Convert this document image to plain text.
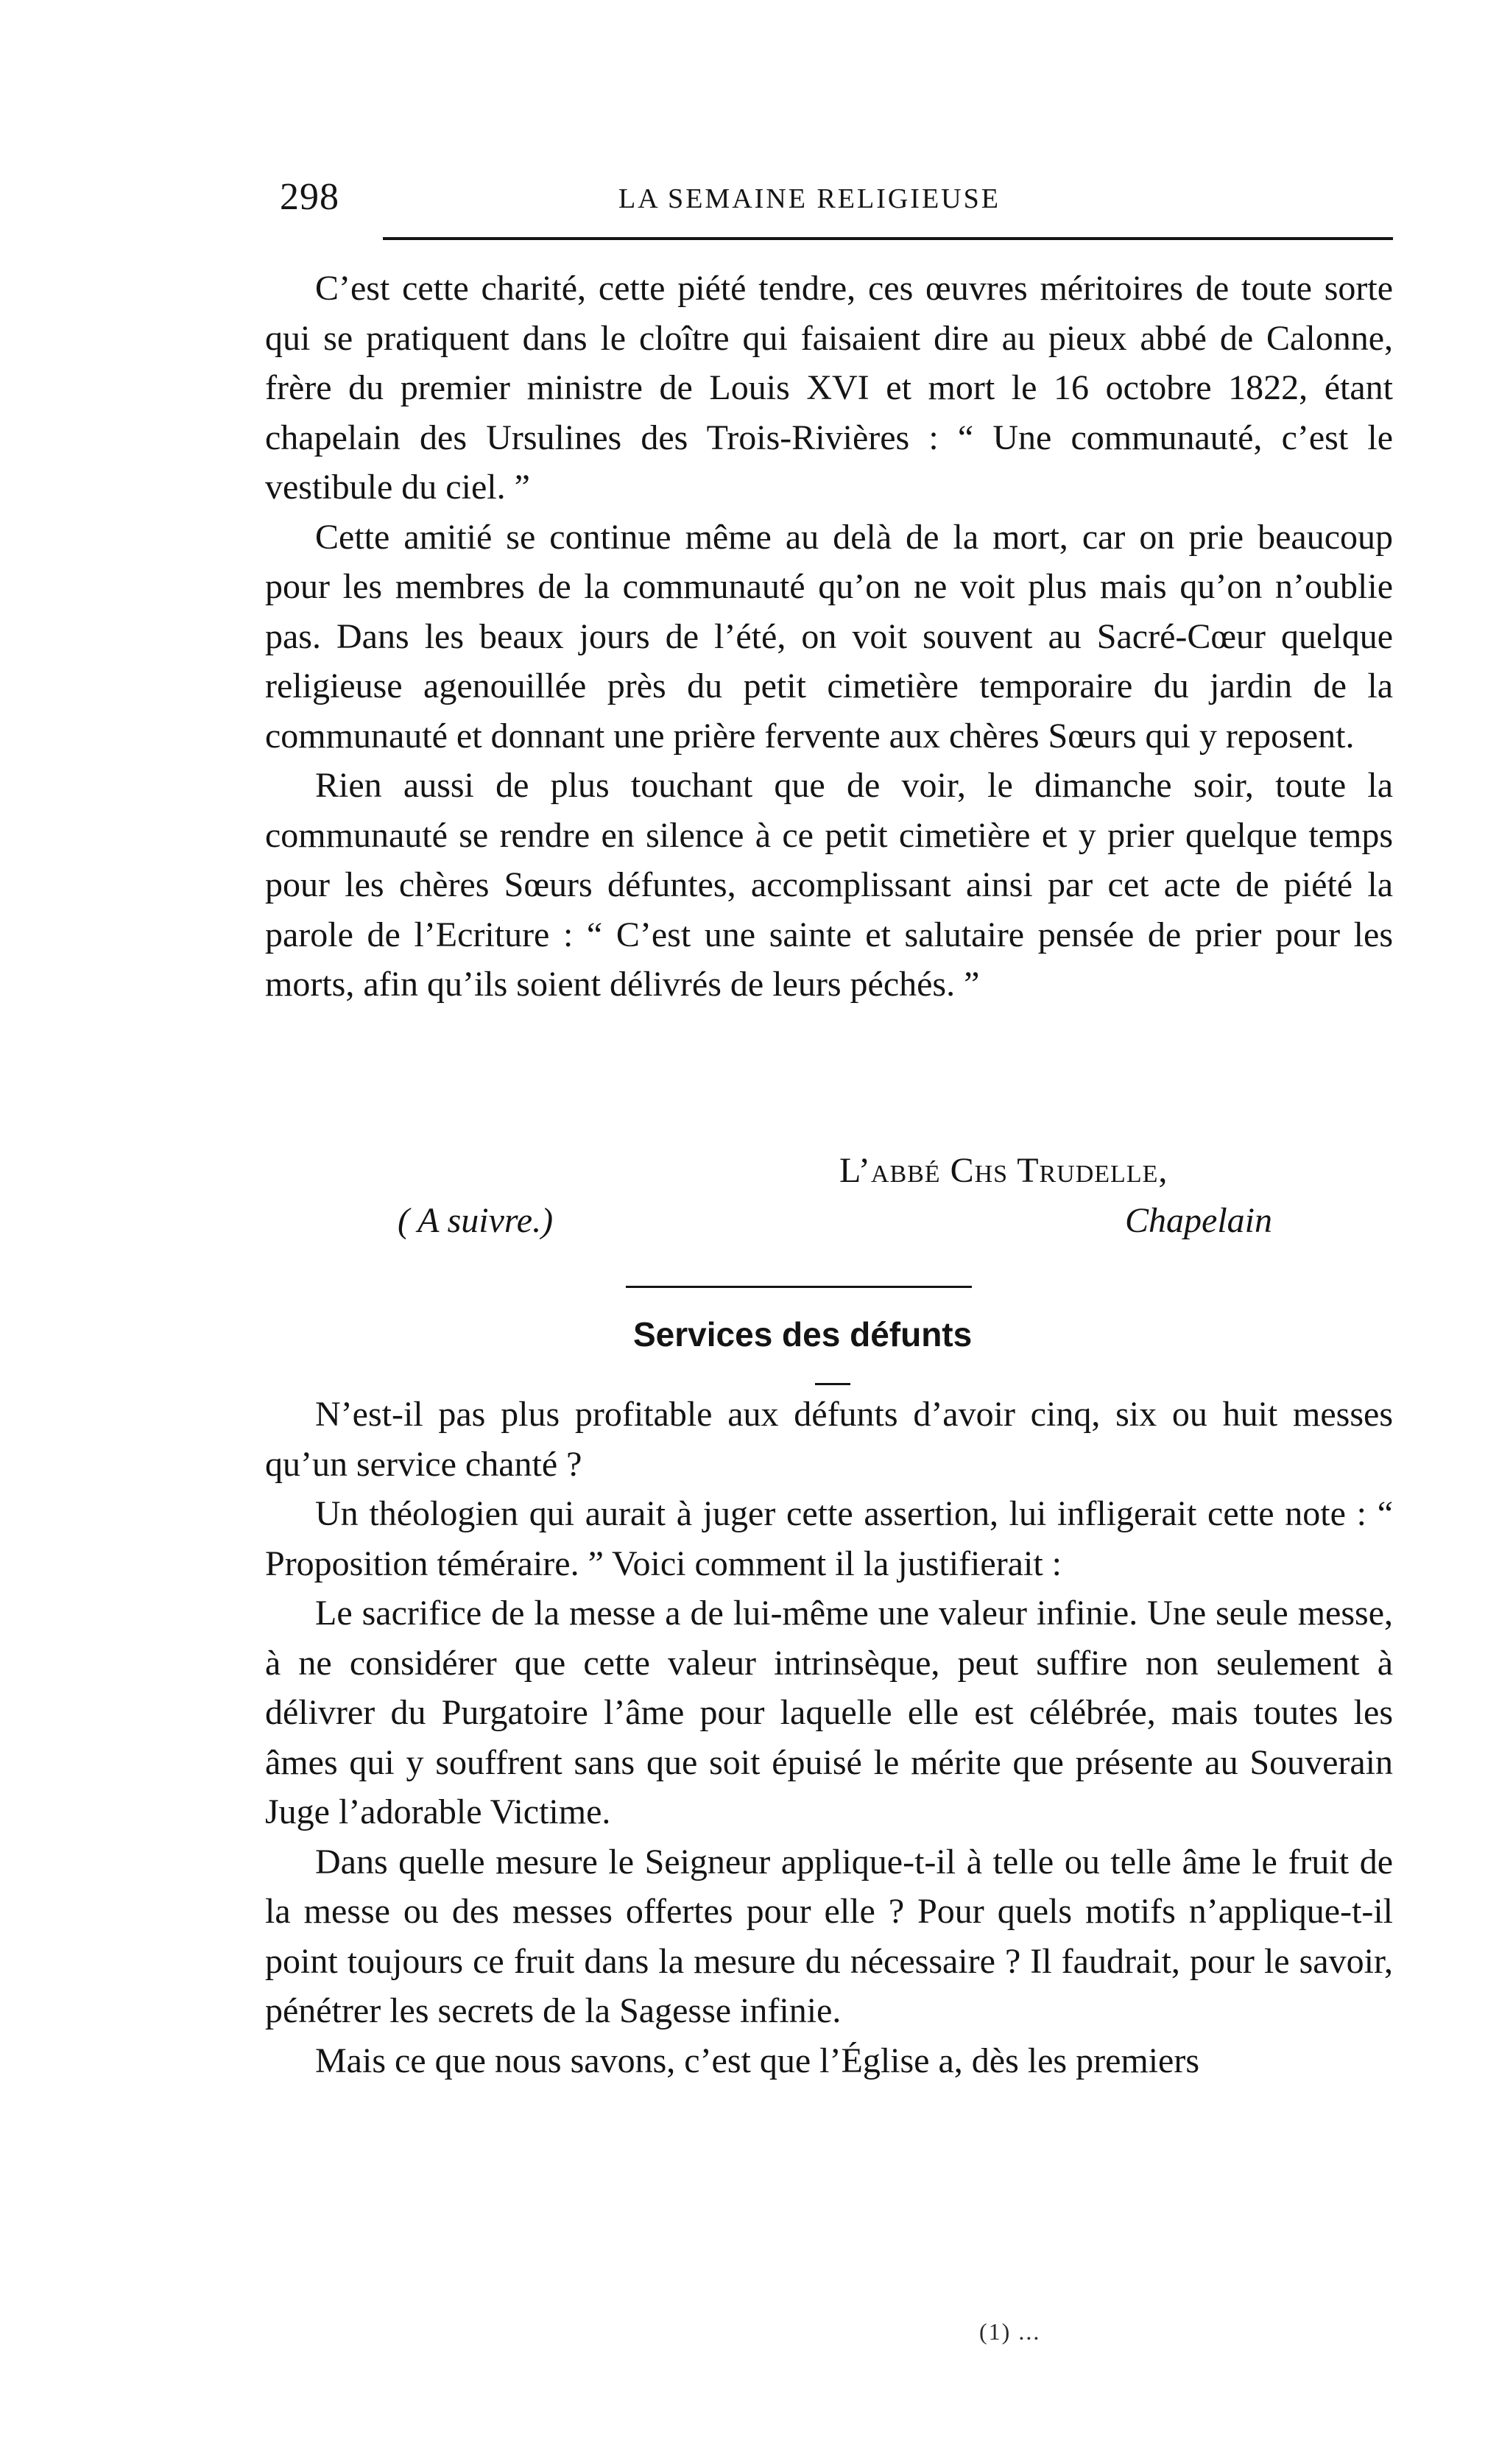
298	LA SEMAINE RELIGIEUSE

C’est cette charité, cette piété tendre, ces œuvres méritoires de toute sorte qui se pratiquent dans le cloître qui faisaient dire au pieux abbé de Calonne, frère du premier ministre de Louis XVI et mort le 16 octobre 1822, étant chapelain des Ursulines des Trois-Rivières : “ Une communauté, c’est le vestibule du ciel. ”

Cette amitié se continue même au delà de la mort, car on prie beaucoup pour les membres de la communauté qu’on ne voit plus mais qu’on n’oublie pas. Dans les beaux jours de l’été, on voit souvent au Sacré-Cœur quelque religieuse agenouillée près du petit cimetière temporaire du jardin de la communauté et donnant une prière fervente aux chères Sœurs qui y reposent.

Rien aussi de plus touchant que de voir, le dimanche soir, toute la communauté se rendre en silence à ce petit cimetière et y prier quelque temps pour les chères Sœurs défuntes, accomplissant ainsi par cet acte de piété la parole de l’Ecriture : “ C’est une sainte et salutaire pensée de prier pour les morts, afin qu’ils soient délivrés de leurs péchés. ”

L’abbé Chs Trudelle,
( A suivre.)	Chapelain
Services des défunts

N’est-il pas plus profitable aux défunts d’avoir cinq, six ou huit messes qu’un service chanté ?

Un théologien qui aurait à juger cette assertion, lui infligerait cette note : “ Proposition téméraire. ” Voici comment il la justifierait :

Le sacrifice de la messe a de lui-même une valeur infinie. Une seule messe, à ne considérer que cette valeur intrinsèque, peut suffire non seulement à délivrer du Purgatoire l’âme pour laquelle elle est célébrée, mais toutes les âmes qui y souffrent sans que soit épuisé le mérite que présente au Souverain Juge l’adorable Victime.

Dans quelle mesure le Seigneur applique-t-il à telle ou telle âme le fruit de la messe ou des messes offertes pour elle ? Pour quels motifs n’applique-t-il point toujours ce fruit dans la mesure du nécessaire ? Il faudrait, pour le savoir, pénétrer les secrets de la Sagesse infinie.

Mais ce que nous savons, c’est que l’Église a, dès les premiers

(1) ...
